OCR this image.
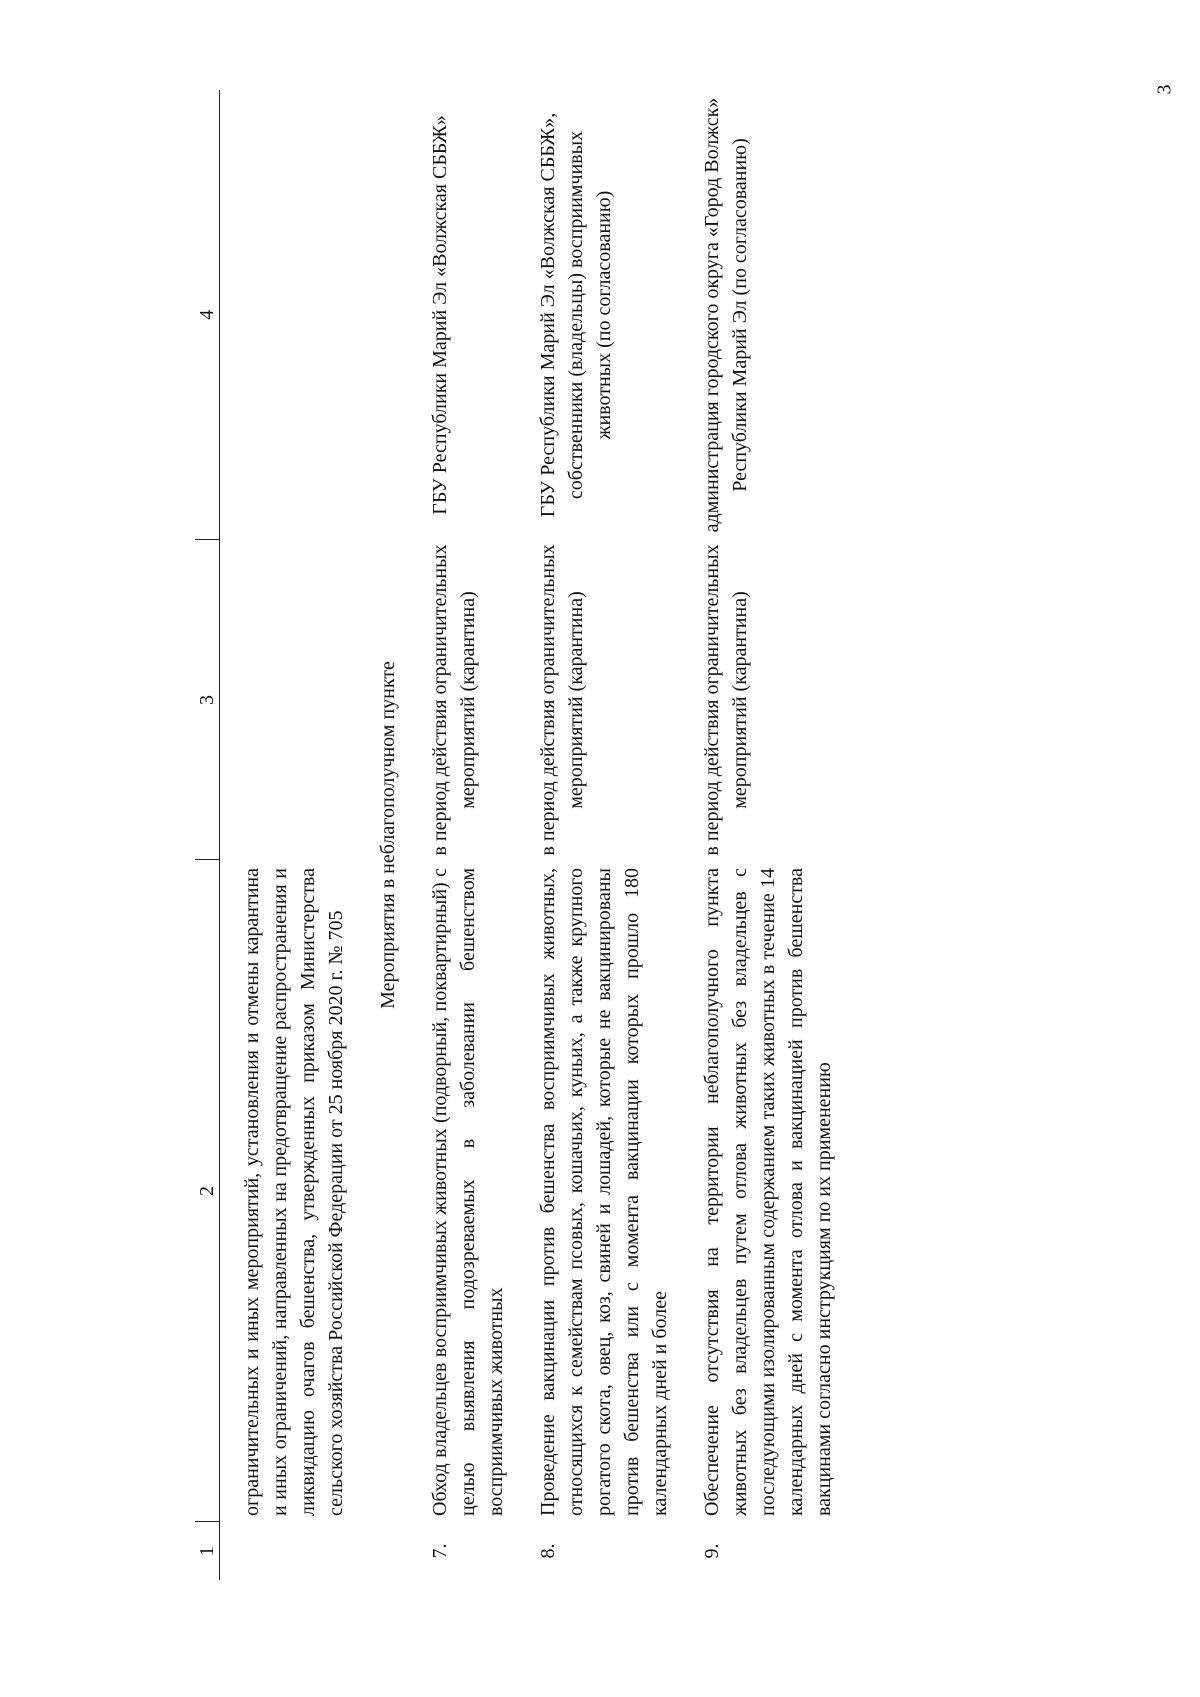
3
1	2	3	4
	ограничительных и иных мероприятий, установления и отмены карантина и иных ограничений, направленных на предотвращение распространения и ликвидацию очагов бешенства, утвержденных приказом Министерства сельского хозяйства Российской Федерации от 25 ноября 2020 г. № 705		
Мероприятия в неблагополучном пункте			
7.	Обход владельцев восприимчивых животных (подворный, поквартирный) с целью выявления подозреваемых в заболевании бешенством восприимчивых животных	в период действия ограничительных мероприятий (карантина)	ГБУ Республики Марий Эл «Волжская СББЖ»
8.	Проведение вакцинации против бешенства восприимчивых животных, относящихся к семействам псовых, кошачьих, куньих, а также крупного рогатого скота, овец, коз, свиней и лошадей, которые не вакцинированы против бешенства или с момента вакцинации которых прошло 180 календарных дней и более	в период действия ограничительных мероприятий (карантина)	ГБУ Республики Марий Эл «Волжская СББЖ», собственники (владельцы) восприимчивых животных (по согласованию)
9.	Обеспечение отсутствия на территории неблагополучного пункта животных без владельцев путем отлова животных без владельцев с последующими изолированным содержанием таких животных в течение 14 календарных дней с момента отлова и вакцинацией против бешенства вакцинами согласно инструкциям по их применению	в период действия ограничительных мероприятий (карантина)	администрация городского округа «Город Волжск» Республики Марий Эл (по согласованию)
